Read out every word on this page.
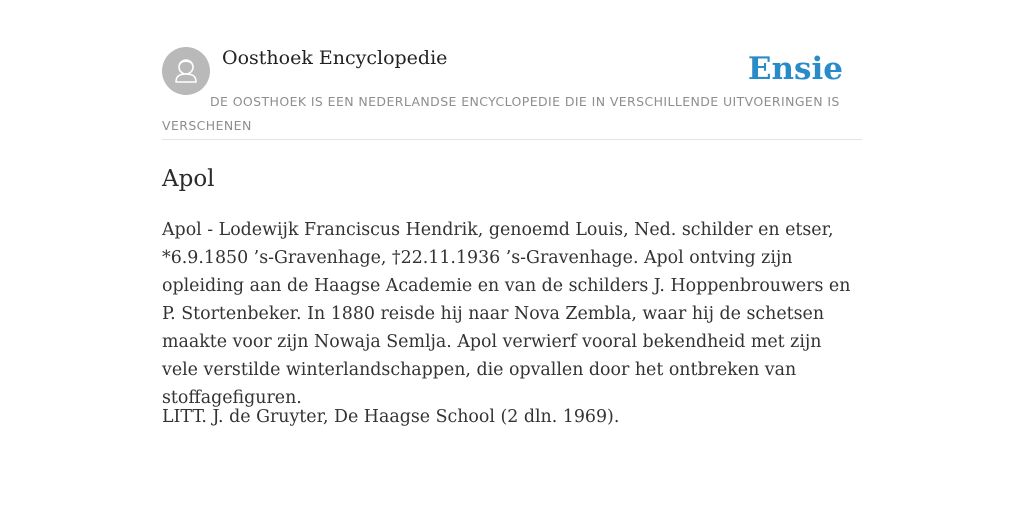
Oosthoek Encyclopedie	Ensie
DE OOSTHOEK IS EEN NEDERLANDSE ENCYCLOPEDIE DIE IN VERSCHILLENDE UITVOERINGEN IS VERSCHENEN
Apol

Apol - Lodewijk Franciscus Hendrik, genoemd Louis, Ned. schilder en etser, *6.9.1850 ’s-Gravenhage, †22.11.1936 ’s-Gravenhage. Apol ontving zijn opleiding aan de Haagse Academie en van de schilders J. Hoppenbrouwers en P. Stortenbeker. In 1880 reisde hij naar Nova Zembla, waar hij de schetsen maakte voor zijn Nowaja Semlja. Apol verwierf vooral bekendheid met zijn vele verstilde winterlandschappen, die opvallen door het ontbreken van stoffagefiguren.

LITT. J. de Gruyter, De Haagse School (2 dln. 1969).
